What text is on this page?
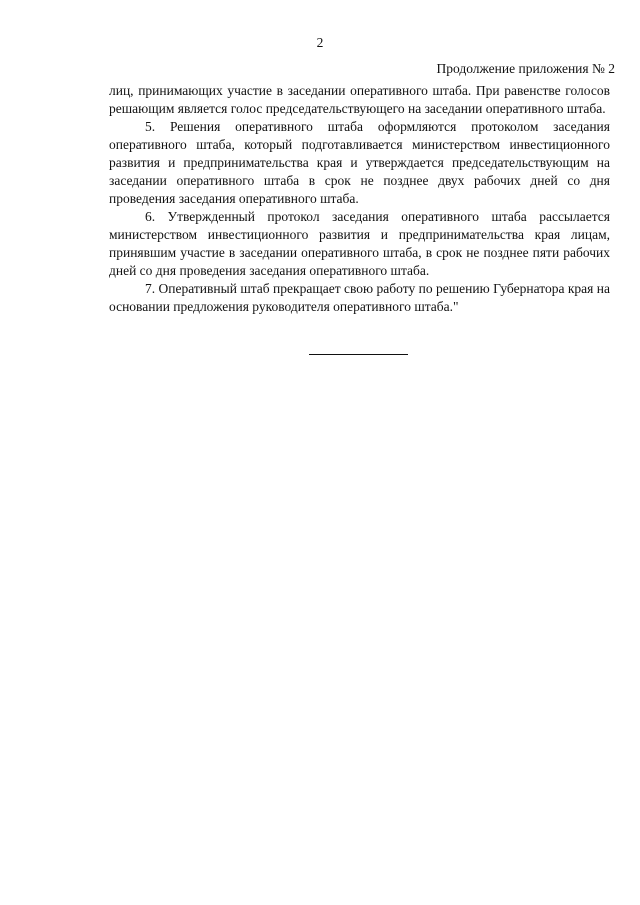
2
Продолжение приложения № 2

лиц, принимающих участие в заседании оперативного штаба. При равенстве голосов решающим является голос председательствующего на заседании оперативного штаба.

5. Решения оперативного штаба оформляются протоколом заседания оперативного штаба, который подготавливается министерством инвестиционного развития и предпринимательства края и утверждается председательствующим на заседании оперативного штаба в срок не позднее двух рабочих дней со дня проведения заседания оперативного штаба.

6. Утвержденный протокол заседания оперативного штаба рассылается министерством инвестиционного развития и предпринимательства края лицам, принявшим участие в заседании оперативного штаба, в срок не позднее пяти рабочих дней со дня проведения заседания оперативного штаба.

7. Оперативный штаб прекращает свою работу по решению Губернатора края на основании предложения руководителя оперативного штаба."
